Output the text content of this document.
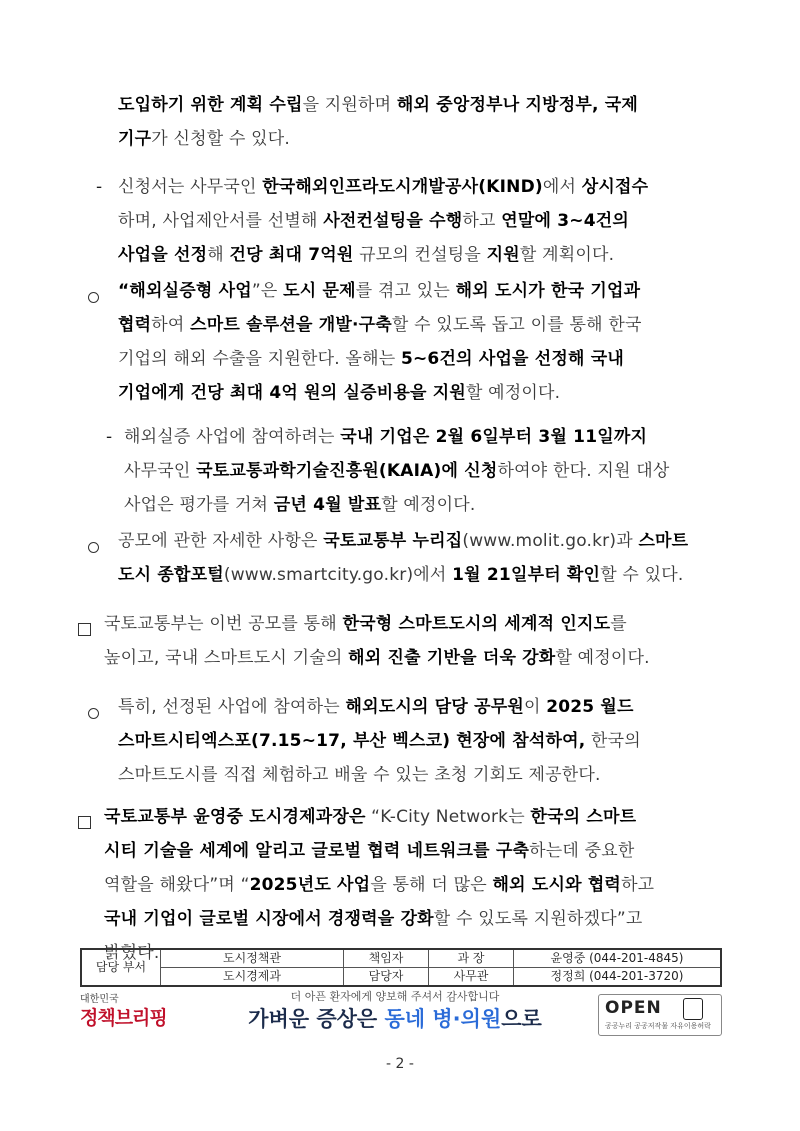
도입하기 위한 계획 수립을 지원하며 해외 중앙정부나 지방정부, 국제
기구가 신청할 수 있다.
- 신청서는 사무국인 한국해외인프라도시개발공사(KIND)에서 상시접수
하며, 사업제안서를 선별해 사전컨설팅을 수행하고 연말에 3~4건의
사업을 선정해 건당 최대 7억원 규모의 컨설팅을 지원할 계획이다.
“해외실증형 사업”은 도시 문제를 겪고 있는 해외 도시가 한국 기업과
협력하여 스마트 솔루션을 개발·구축할 수 있도록 돕고 이를 통해 한국
기업의 해외 수출을 지원한다. 올해는 5~6건의 사업을 선정해 국내
기업에게 건당 최대 4억 원의 실증비용을 지원할 예정이다.
- 해외실증 사업에 참여하려는 국내 기업은 2월 6일부터 3월 11일까지
사무국인 국토교통과학기술진흥원(KAIA)에 신청하여야 한다. 지원 대상
사업은 평가를 거쳐 금년 4월 발표할 예정이다.
공모에 관한 자세한 사항은 국토교통부 누리집(www.molit.go.kr)과 스마트
도시 종합포털(www.smartcity.go.kr)에서 1월 21일부터 확인할 수 있다.
국토교통부는 이번 공모를 통해 한국형 스마트도시의 세계적 인지도를
높이고, 국내 스마트도시 기술의 해외 진출 기반을 더욱 강화할 예정이다.
특히, 선정된 사업에 참여하는 해외도시의 담당 공무원이 2025 월드
스마트시티엑스포(7.15~17, 부산 벡스코) 현장에 참석하여, 한국의
스마트도시를 직접 체험하고 배울 수 있는 초청 기회도 제공한다.
국토교통부 윤영중 도시경제과장은 “K-City Network는 한국의 스마트
시티 기술을 세계에 알리고 글로벌 협력 네트워크를 구축하는데 중요한
역할을 해왔다”며 “2025년도 사업을 통해 더 많은 해외 도시와 협력하고
국내 기업이 글로벌 시장에서 경쟁력을 강화할 수 있도록 지원하겠다”고
밝혔다.
담당 부서	도시정책관	책임자	과 장	윤영중 (044-201-4845)
	도시경제과	담당자	사무관	정정희 (044-201-3720)
대한민국
정책브리핑
더 아픈 환자에게 양보해 주셔서 감사합니다
가벼운 증상은 동네 병·의원으로	OPEN
공공누리 공공저작물 자유이용허락
- 2 -
